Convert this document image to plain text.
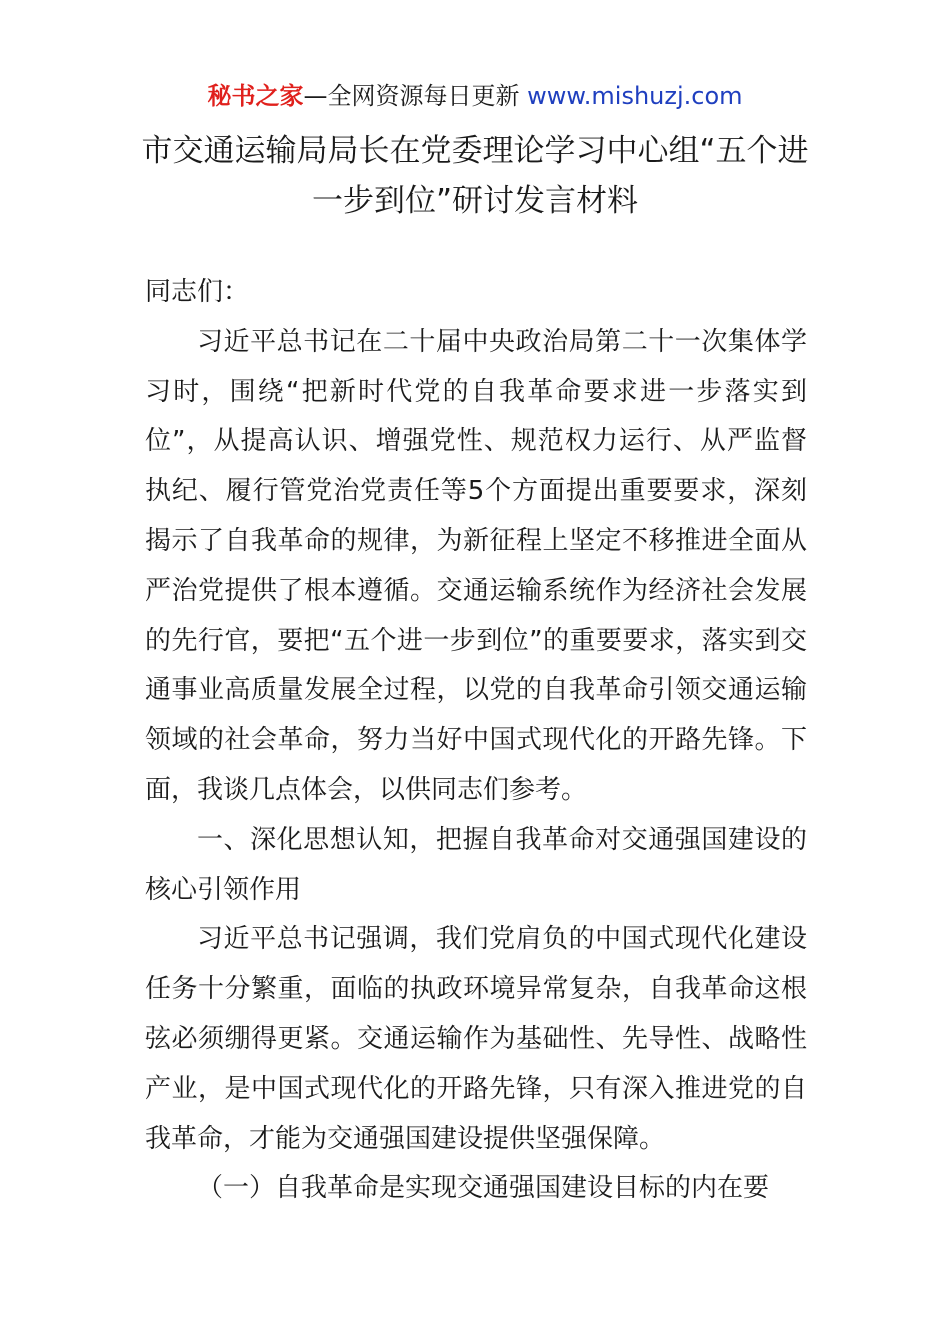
秘书之家—全网资源每日更新 www.mishuzj.com
市交通运输局局长在党委理论学习中心组“五个进一步到位”研讨发言材料

同志们：

习近平总书记在二十届中央政治局第二十一次集体学习时，围绕“把新时代党的自我革命要求进一步落实到位”，从提高认识、增强党性、规范权力运行、从严监督执纪、履行管党治党责任等5个方面提出重要要求，深刻揭示了自我革命的规律，为新征程上坚定不移推进全面从严治党提供了根本遵循。交通运输系统作为经济社会发展的先行官，要把“五个进一步到位”的重要要求，落实到交通事业高质量发展全过程，以党的自我革命引领交通运输领域的社会革命，努力当好中国式现代化的开路先锋。下面，我谈几点体会，以供同志们参考。

一、深化思想认知，把握自我革命对交通强国建设的核心引领作用

习近平总书记强调，我们党肩负的中国式现代化建设任务十分繁重，面临的执政环境异常复杂，自我革命这根弦必须绷得更紧。交通运输作为基础性、先导性、战略性产业，是中国式现代化的开路先锋，只有深入推进党的自我革命，才能为交通强国建设提供坚强保障。

（一）自我革命是实现交通强国建设目标的内在要
